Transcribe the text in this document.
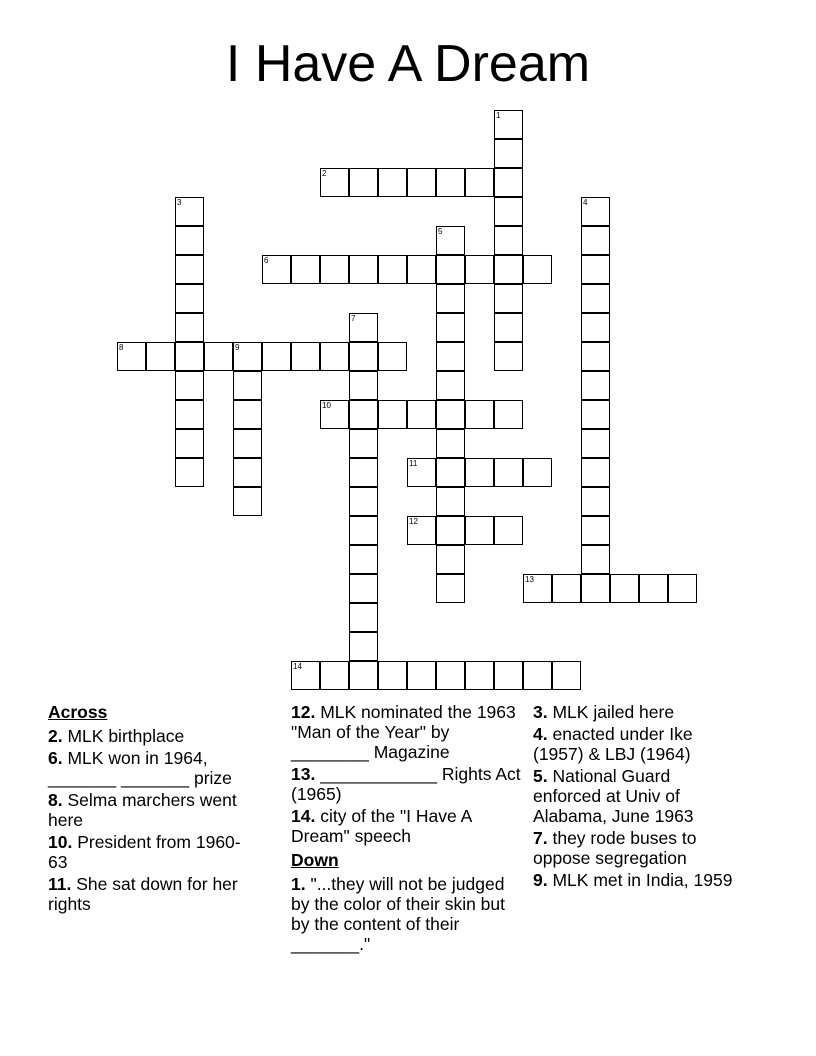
I Have A Dream
1
2
3	4
5
6
7
8	9
10
11
12
13
14
Across
2. MLK birthplace
6. MLK won in 1964, _______ _______ prize
8. Selma marchers went here
10. President from 1960-63
11. She sat down for her rights
12. MLK nominated the 1963 "Man of the Year" by ________ Magazine
13. ____________ Rights Act (1965)
14. city of the "I Have A Dream" speech
Down
1. "...they will not be judged by the color of their skin but by the content of their _______."
3. MLK jailed here
4. enacted under Ike (1957) & LBJ (1964)
5. National Guard enforced at Univ of Alabama, June 1963
7. they rode buses to oppose segregation
9. MLK met in India, 1959
